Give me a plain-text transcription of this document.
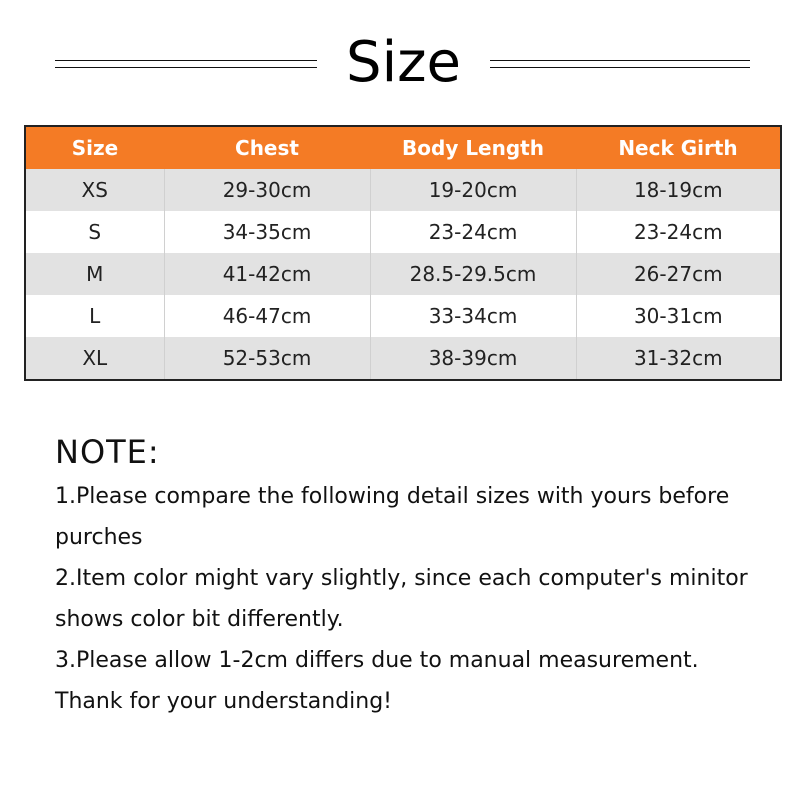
Size
Size	Chest	Body Length	Neck Girth
XS	29-30cm	19-20cm	18-19cm
S	34-35cm	23-24cm	23-24cm
M	41-42cm	28.5-29.5cm	26-27cm
L	46-47cm	33-34cm	30-31cm
XL	52-53cm	38-39cm	31-32cm
NOTE:
1.Please compare the following detail sizes with yours before
purches
2.Item color might vary slightly, since each computer's minitor
shows color bit differently.
3.Please allow 1-2cm differs due to manual measurement.
Thank for your understanding!
